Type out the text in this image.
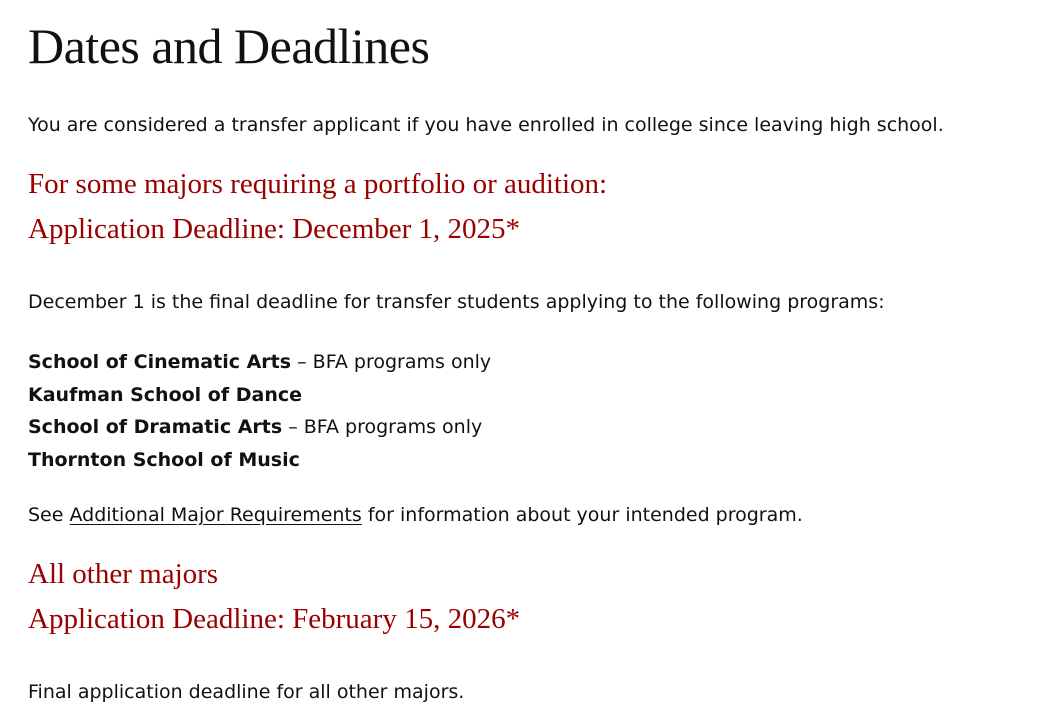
Dates and Deadlines

You are considered a transfer applicant if you have enrolled in college since leaving high school.

For some majors requiring a portfolio or audition:
Application Deadline: December 1, 2025*

December 1 is the final deadline for transfer students applying to the following programs:

School of Cinematic Arts – BFA programs only
Kaufman School of Dance
School of Dramatic Arts – BFA programs only
Thornton School of Music

See Additional Major Requirements for information about your intended program.

All other majors
Application Deadline: February 15, 2026*

Final application deadline for all other majors.
